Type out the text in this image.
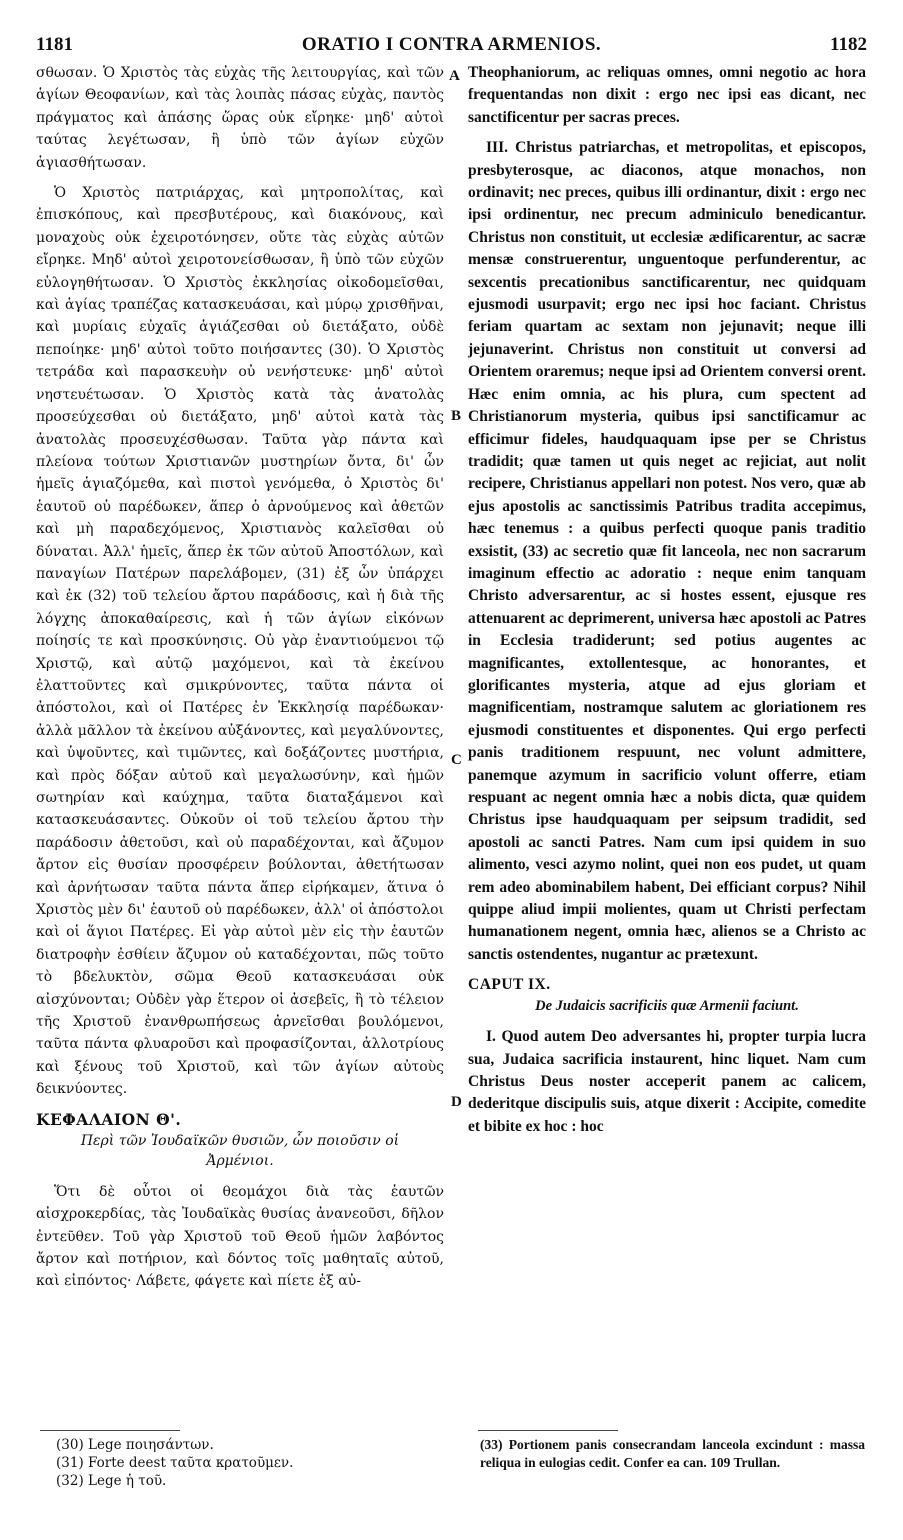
1181	ORATIO I CONTRA ARMENIOS.	1182

σθωσαν. Ὁ Χριστὸς τὰς εὐχὰς τῆς λειτουργίας, καὶ τῶν ἁγίων Θεοφανίων, καὶ τὰς λοιπὰς πάσας εὐχὰς, παντὸς πράγματος καὶ ἁπάσης ὥρας οὐκ εἴρηκε· μηδ' αὐτοὶ ταύτας λεγέτωσαν, ἢ ὑπὸ τῶν ἁγίων εὐχῶν ἁγιασθήτωσαν.

Ὁ Χριστὸς πατριάρχας, καὶ μητροπολίτας, καὶ ἐπισκόπους, καὶ πρεσβυτέρους, καὶ διακόνους, καὶ μοναχοὺς οὐκ ἐχειροτόνησεν, οὔτε τὰς εὐχὰς αὐτῶν εἴρηκε. Μηδ' αὐτοὶ χειροτονείσθωσαν, ἢ ὑπὸ τῶν εὐχῶν εὐλογηθήτωσαν. Ὁ Χριστὸς ἐκκλησίας οἰκοδομεῖσθαι, καὶ ἁγίας τραπέζας κατασκευάσαι, καὶ μύρῳ χρισθῆναι, καὶ μυρίαις εὐχαῖς ἁγιάζεσθαι οὐ διετάξατο, οὐδὲ πεποίηκε· μηδ' αὐτοὶ τοῦτο ποιήσαντες (30). Ὁ Χριστὸς τετράδα καὶ παρασκευὴν οὐ νενήστευκε· μηδ' αὐτοὶ νηστευέτωσαν. Ὁ Χριστὸς κατὰ τὰς ἀνατολὰς προσεύχεσθαι οὐ διετάξατο, μηδ' αὐτοὶ κατὰ τὰς ἀνατολὰς προσευχέσθωσαν. Ταῦτα γὰρ πάντα καὶ πλείονα τούτων Χριστιανῶν μυστηρίων ὄντα, δι' ὧν ἡμεῖς ἁγιαζόμεθα, καὶ πιστοὶ γενόμεθα, ὁ Χριστὸς δι' ἑαυτοῦ οὐ παρέδωκεν, ἅπερ ὁ ἀρνούμενος καὶ ἀθετῶν καὶ μὴ παραδεχόμενος, Χριστιανὸς καλεῖσθαι οὐ δύναται. Ἀλλ' ἡμεῖς, ἅπερ ἐκ τῶν αὐτοῦ Ἀποστόλων, καὶ παναγίων Πατέρων παρελάβομεν, (31) ἐξ ὧν ὑπάρχει καὶ ἐκ (32) τοῦ τελείου ἄρτου παράδοσις, καὶ ἡ διὰ τῆς λόγχης ἀποκαθαίρεσις, καὶ ἡ τῶν ἁγίων εἰκόνων ποίησίς τε καὶ προσκύνησις. Οὐ γὰρ ἐναντιούμενοι τῷ Χριστῷ, καὶ αὐτῷ μαχόμενοι, καὶ τὰ ἐκείνου ἐλαττοῦντες καὶ σμικρύνοντες, ταῦτα πάντα οἱ ἀπόστολοι, καὶ οἱ Πατέρες ἐν Ἐκκλησίᾳ παρέδωκαν· ἀλλὰ μᾶλλον τὰ ἐκείνου αὐξάνοντες, καὶ μεγαλύνοντες, καὶ ὑψοῦντες, καὶ τιμῶντες, καὶ δοξάζοντες μυστήρια, καὶ πρὸς δόξαν αὐτοῦ καὶ μεγαλωσύνην, καὶ ἡμῶν σωτηρίαν καὶ καύχημα, ταῦτα διαταξάμενοι καὶ κατασκευάσαντες. Οὐκοῦν οἱ τοῦ τελείου ἄρτου τὴν παράδοσιν ἀθετοῦσι, καὶ οὐ παραδέχονται, καὶ ἄζυμον ἄρτον εἰς θυσίαν προσφέρειν βούλονται, ἀθετήτωσαν καὶ ἀρνήτωσαν ταῦτα πάντα ἅπερ εἰρήκαμεν, ἅτινα ὁ Χριστὸς μὲν δι' ἑαυτοῦ οὐ παρέδωκεν, ἀλλ' οἱ ἀπόστολοι καὶ οἱ ἅγιοι Πατέρες. Εἰ γὰρ αὐτοὶ μὲν εἰς τὴν ἑαυτῶν διατροφὴν ἐσθίειν ἄζυμον οὐ καταδέχονται, πῶς τοῦτο τὸ βδελυκτὸν, σῶμα Θεοῦ κατασκευάσαι οὐκ αἰσχύνονται; Οὐδὲν γὰρ ἕτερον οἱ ἀσεβεῖς, ἢ τὸ τέλειον τῆς Χριστοῦ ἐνανθρωπήσεως ἀρνεῖσθαι βουλόμενοι, ταῦτα πάντα φλυαροῦσι καὶ προφασίζονται, ἀλλοτρίους καὶ ξένους τοῦ Χριστοῦ, καὶ τῶν ἁγίων αὐτοὺς δεικνύοντες.

ΚΕΦΑΛΑΙΟΝ Θ'.

Περὶ τῶν Ἰουδαϊκῶν θυσιῶν, ὧν ποιοῦσιν οἱ Ἀρμένιοι.

Ὅτι δὲ οὗτοι οἱ θεομάχοι διὰ τὰς ἑαυτῶν αἰσχροκερδίας, τὰς Ἰουδαϊκὰς θυσίας ἀνανεοῦσι, δῆλον ἐντεῦθεν. Τοῦ γὰρ Χριστοῦ τοῦ Θεοῦ ἡμῶν λαβόντος ἄρτον καὶ ποτήριον, καὶ δόντος τοῖς μαθηταῖς αὐτοῦ, καὶ εἰπόντος· Λάβετε, φάγετε καὶ πίετε ἐξ αὐ-

A
B
C
D

Theophaniorum, ac reliquas omnes, omni negotio ac hora frequentandas non dixit : ergo nec ipsi eas dicant, nec sanctificentur per sacras preces.

III. Christus patriarchas, et metropolitas, et episcopos, presbyterosque, ac diaconos, atque monachos, non ordinavit; nec preces, quibus illi ordinantur, dixit : ergo nec ipsi ordinentur, nec precum adminiculo benedicantur. Christus non constituit, ut ecclesiæ ædificarentur, ac sacræ mensæ construerentur, unguentoque perfunderentur, ac sexcentis precationibus sanctificarentur, nec quidquam ejusmodi usurpavit; ergo nec ipsi hoc faciant. Christus feriam quartam ac sextam non jejunavit; neque illi jejunaverint. Christus non constituit ut conversi ad Orientem oraremus; neque ipsi ad Orientem conversi orent. Hæc enim omnia, ac his plura, cum spectent ad Christianorum mysteria, quibus ipsi sanctificamur ac efficimur fideles, haudquaquam ipse per se Christus tradidit; quæ tamen ut quis neget ac rejiciat, aut nolit recipere, Christianus appellari non potest. Nos vero, quæ ab ejus apostolis ac sanctissimis Patribus tradita accepimus, hæc tenemus : a quibus perfecti quoque panis traditio exsistit, (33) ac secretio quæ fit lanceola, nec non sacrarum imaginum effectio ac adoratio : neque enim tanquam Christo adversarentur, ac si hostes essent, ejusque res attenuarent ac deprimerent, universa hæc apostoli ac Patres in Ecclesia tradiderunt; sed potius augentes ac magnificantes, extollentesque, ac honorantes, et glorificantes mysteria, atque ad ejus gloriam et magnificentiam, nostramque salutem ac gloriationem res ejusmodi constituentes et disponentes. Qui ergo perfecti panis traditionem respuunt, nec volunt admittere, panemque azymum in sacrificio volunt offerre, etiam respuant ac negent omnia hæc a nobis dicta, quæ quidem Christus ipse haudquaquam per seipsum tradidit, sed apostoli ac sancti Patres. Nam cum ipsi quidem in suo alimento, vesci azymo nolint, quei non eos pudet, ut quam rem adeo abominabilem habent, Dei efficiant corpus? Nihil quippe aliud impii molientes, quam ut Christi perfectam humanationem negent, omnia hæc, alienos se a Christo ac sanctis ostendentes, nugantur ac prætexunt.

CAPUT IX.

De Judaicis sacrificiis quæ Armenii faciunt.

I. Quod autem Deo adversantes hi, propter turpia lucra sua, Judaica sacrificia instaurent, hinc liquet. Nam cum Christus Deus noster acceperit panem ac calicem, dederitque discipulis suis, atque dixerit : Accipite, comedite et bibite ex hoc : hoc

(30) Lege ποιησάντων.

(31) Forte deest ταῦτα κρατοῦμεν.

(32) Lege ἡ τοῦ.

(33) Portionem panis consecrandam lanceola excindunt : massa reliqua in eulogias cedit. Confer ea can. 109 Trullan.
